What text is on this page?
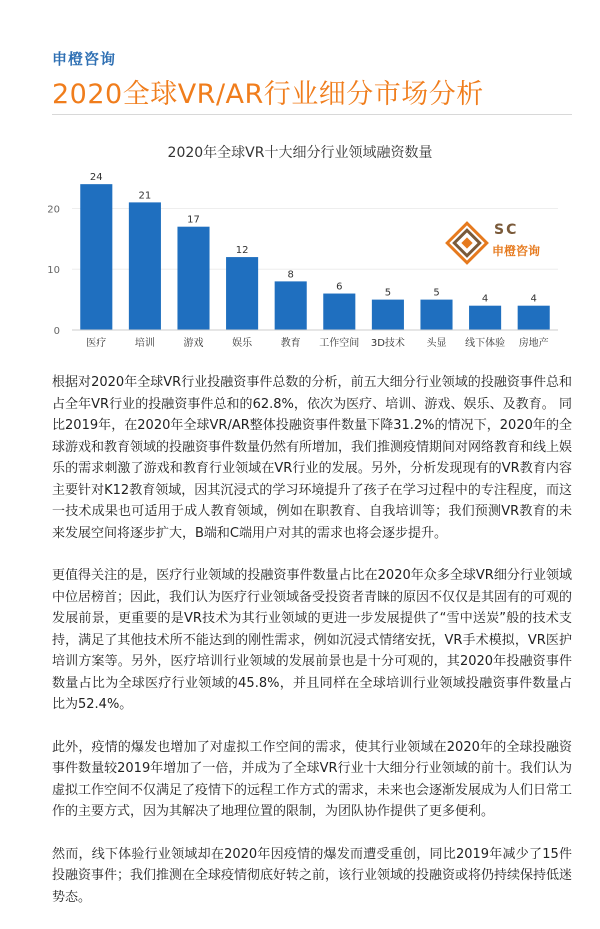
申橙咨询
2020全球VR/AR行业细分市场分析
2020年全球VR十大细分行业领域融资数量
0
10
20
24
21
17
12
8
6
5	5
4	4
医疗	培训	游戏	娱乐	教育 工作空间 3D技术 头显 线下体验 房地产
SC
申橙咨询

根据对2020年全球VR行业投融资事件总数的分析，前五大细分行业领域的投融资事件总和占全年VR行业的投融资事件总和的62.8%，依次为医疗、培训、游戏、娱乐、及教育。 同比2019年，在2020年全球VR/AR整体投融资事件数量下降31.2%的情况下，2020年的全球游戏和教育领域的投融资事件数量仍然有所增加，我们推测疫情期间对网络教育和线上娱乐的需求刺激了游戏和教育行业领域在VR行业的发展。另外，分析发现现有的VR教育内容主要针对K12教育领域，因其沉浸式的学习环境提升了孩子在学习过程中的专注程度，而这一技术成果也可适用于成人教育领域，例如在职教育、自我培训等；我们预测VR教育的未来发展空间将逐步扩大，B端和C端用户对其的需求也将会逐步提升。

更值得关注的是，医疗行业领域的投融资事件数量占比在2020年众多全球VR细分行业领域中位居榜首；因此，我们认为医疗行业领域备受投资者青睐的原因不仅仅是其固有的可观的发展前景，更重要的是VR技术为其行业领域的更进一步发展提供了“雪中送炭”般的技术支持，满足了其他技术所不能达到的刚性需求，例如沉浸式情绪安抚，VR手术模拟，VR医护培训方案等。另外，医疗培训行业领域的发展前景也是十分可观的，其2020年投融资事件数量占比为全球医疗行业领域的45.8%，并且同样在全球培训行业领域投融资事件数量占比为52.4%。

此外，疫情的爆发也增加了对虚拟工作空间的需求，使其行业领域在2020年的全球投融资事件数量较2019年增加了一倍，并成为了全球VR行业十大细分行业领域的前十。我们认为虚拟工作空间不仅满足了疫情下的远程工作方式的需求，未来也会逐渐发展成为人们日常工作的主要方式，因为其解决了地理位置的限制，为团队协作提供了更多便利。

然而，线下体验行业领域却在2020年因疫情的爆发而遭受重创，同比2019年减少了15件投融资事件；我们推测在全球疫情彻底好转之前，该行业领域的投融资或将仍持续保持低迷势态。
